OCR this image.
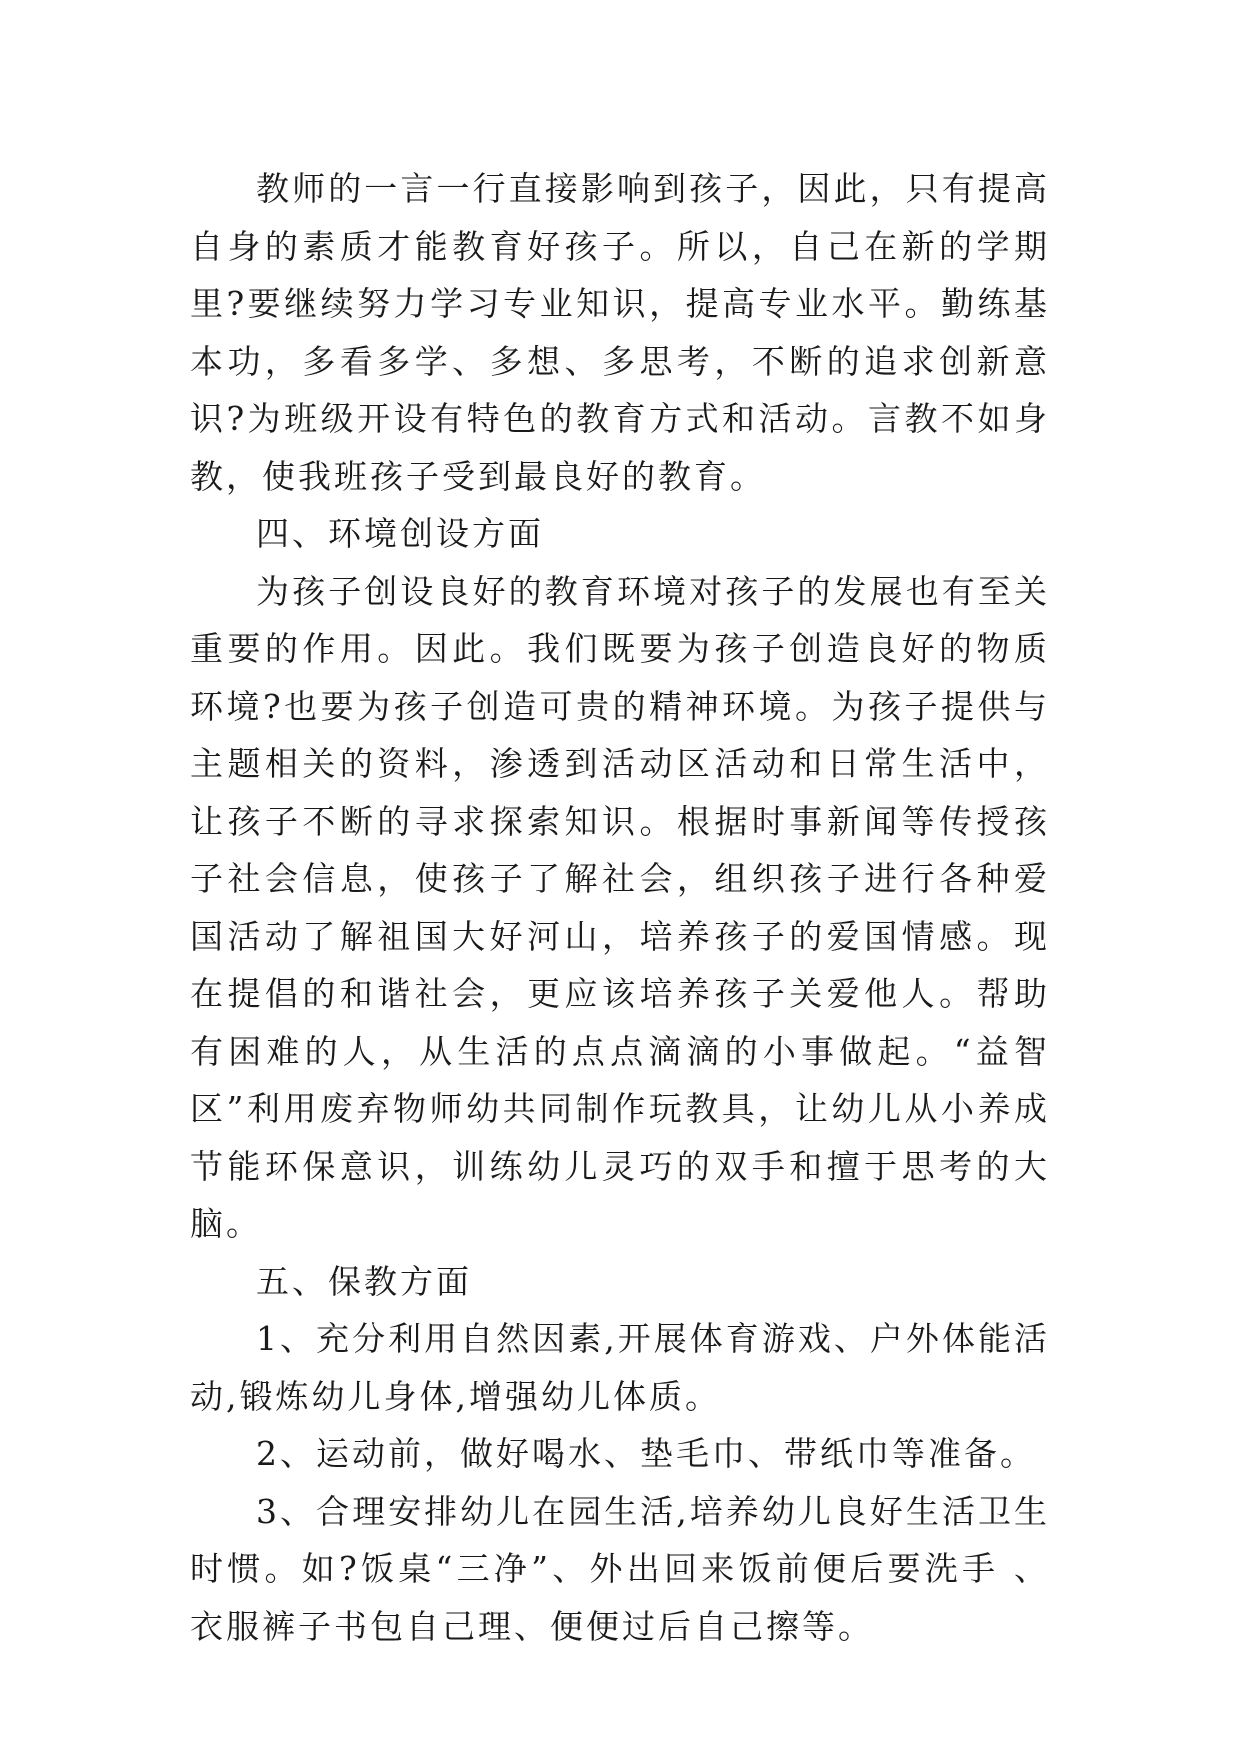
教师的一言一行直接影响到孩子，因此，只有提高自身的素质才能教育好孩子。所以，自己在新的学期里?要继续努力学习专业知识，提高专业水平。勤练基本功，多看多学、多想、多思考，不断的追求创新意识?为班级开设有特色的教育方式和活动。言教不如身教，使我班孩子受到最良好的教育。

四、环境创设方面

为孩子创设良好的教育环境对孩子的发展也有至关重要的作用。因此。我们既要为孩子创造良好的物质环境?也要为孩子创造可贵的精神环境。为孩子提供与主题相关的资料，渗透到活动区活动和日常生活中，让孩子不断的寻求探索知识。根据时事新闻等传授孩子社会信息，使孩子了解社会，组织孩子进行各种爱国活动了解祖国大好河山，培养孩子的爱国情感。现在提倡的和谐社会，更应该培养孩子关爱他人。帮助有困难的人，从生活的点点滴滴的小事做起。“益智区”利用废弃物师幼共同制作玩教具，让幼儿从小养成节能环保意识，训练幼儿灵巧的双手和擅于思考的大脑。

五、保教方面

1、充分利用自然因素,开展体育游戏、户外体能活动,锻炼幼儿身体,增强幼儿体质。

2、运动前，做好喝水、垫毛巾、带纸巾等准备。

3、合理安排幼儿在园生活,培养幼儿良好生活卫生时惯。如?饭桌“三净”、外出回来饭前便后要洗手 、衣服裤子书包自己理、便便过后自己擦等。
